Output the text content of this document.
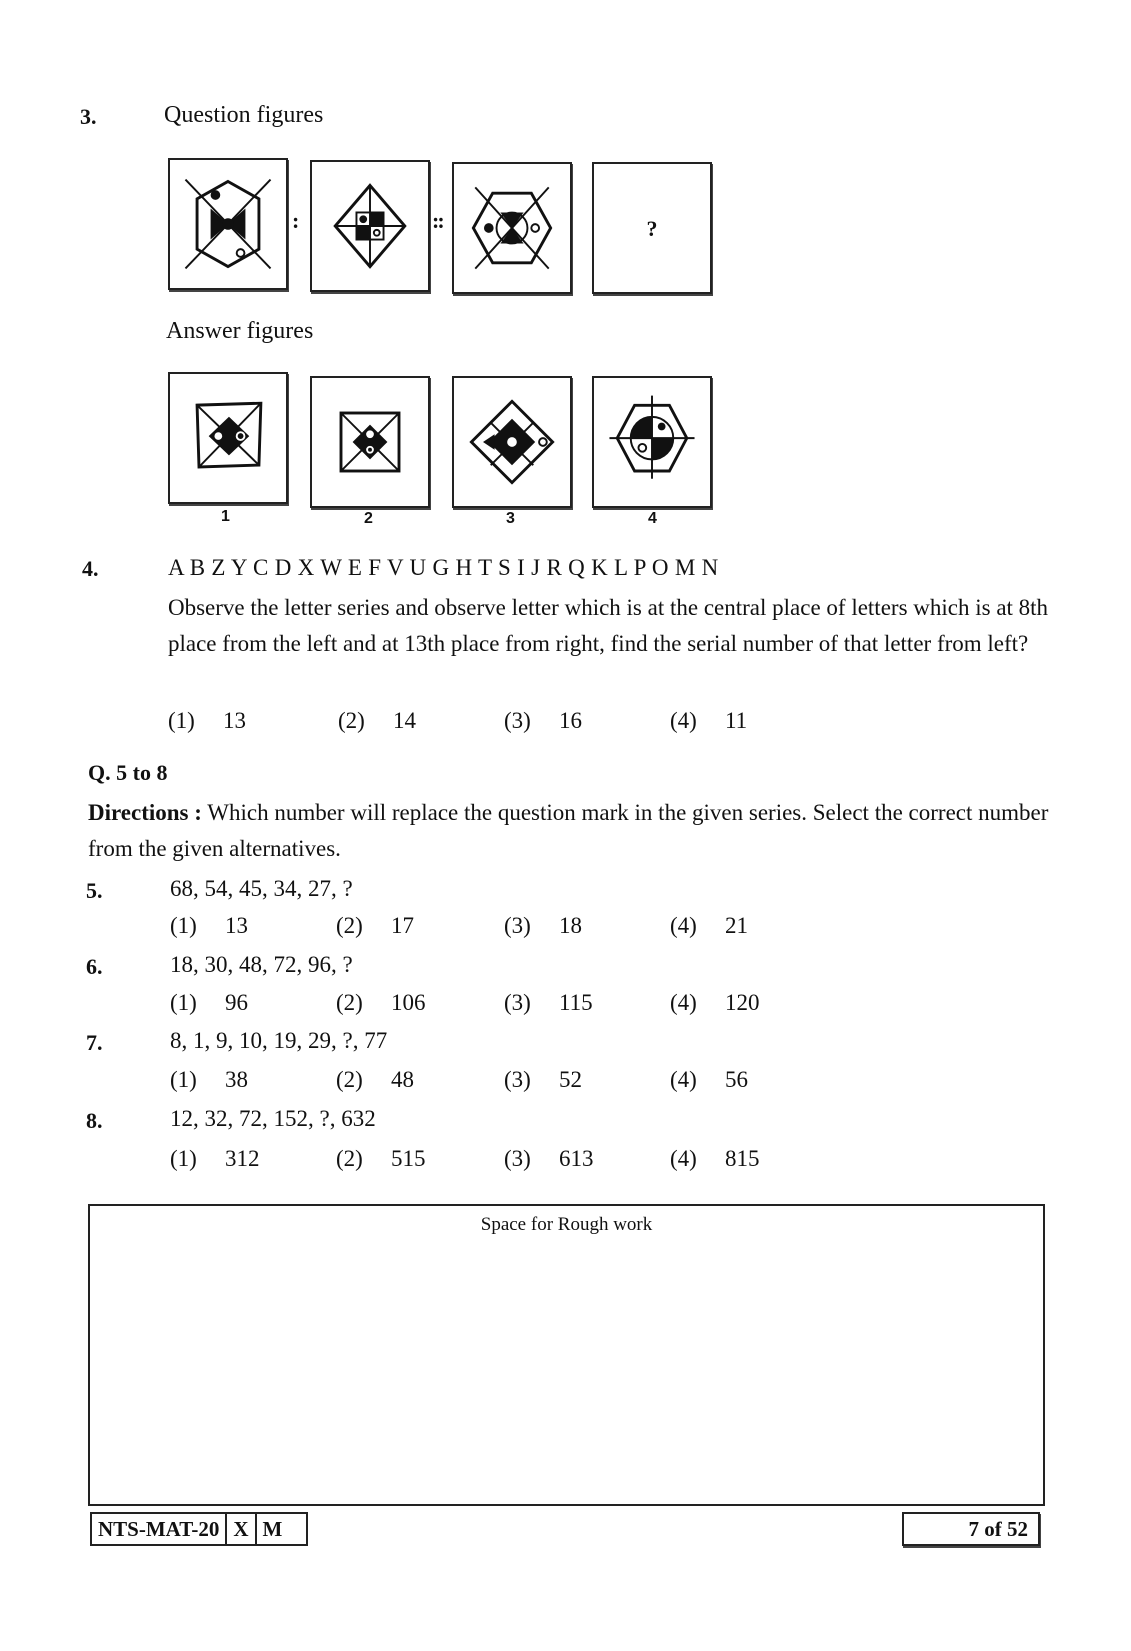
3.	Question figures
:	::	?
Answer figures
1	2	3	4
4.	A B Z Y C D X W E F V U G H T S I J R Q K L P O M N
Observe the letter series and observe letter which is at the central place of letters which is at 8th place from the left and at 13th place from right, find the serial number of that letter from left?
(1) 13	(2) 14	(3) 16	(4) 11
Q. 5 to 8
Directions : Which number will replace the question mark in the given series. Select the correct number from the given alternatives.
5.	68, 54, 45, 34, 27, ?
(1) 13	(2) 17	(3) 18	(4) 21
6.	18, 30, 48, 72, 96, ?
(1) 96	(2) 106	(3) 115	(4) 120
7.	8, 1, 9, 10, 19, 29, ?, 77
(1) 38	(2) 48	(3) 52	(4) 56
8.	12, 32, 72, 152, ?, 632
(1) 312	(2) 515	(3) 613	(4) 815
Space for Rough work
NTS-MAT-20 X M	7 of 52
